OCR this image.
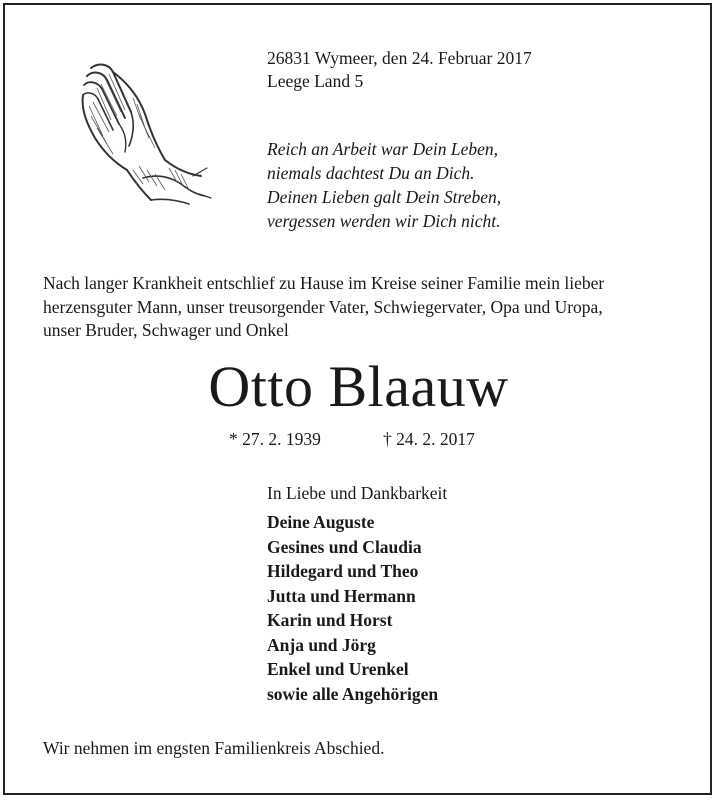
26831 Wymeer, den 24. Februar 2017
Leege Land 5
Reich an Arbeit war Dein Leben,
niemals dachtest Du an Dich.
Deinen Lieben galt Dein Streben,
vergessen werden wir Dich nicht.
Nach langer Krankheit entschlief zu Hause im Kreise seiner Familie mein lieber
herzensguter Mann, unser treusorgender Vater, Schwiegervater, Opa und Uropa,
unser Bruder, Schwager und Onkel
Otto Blaauw
* 27. 2. 1939	† 24. 2. 2017
In Liebe und Dankbarkeit
Deine Auguste
Gesines und Claudia
Hildegard und Theo
Jutta und Hermann
Karin und Horst
Anja und Jörg
Enkel und Urenkel
sowie alle Angehörigen
Wir nehmen im engsten Familienkreis Abschied.
